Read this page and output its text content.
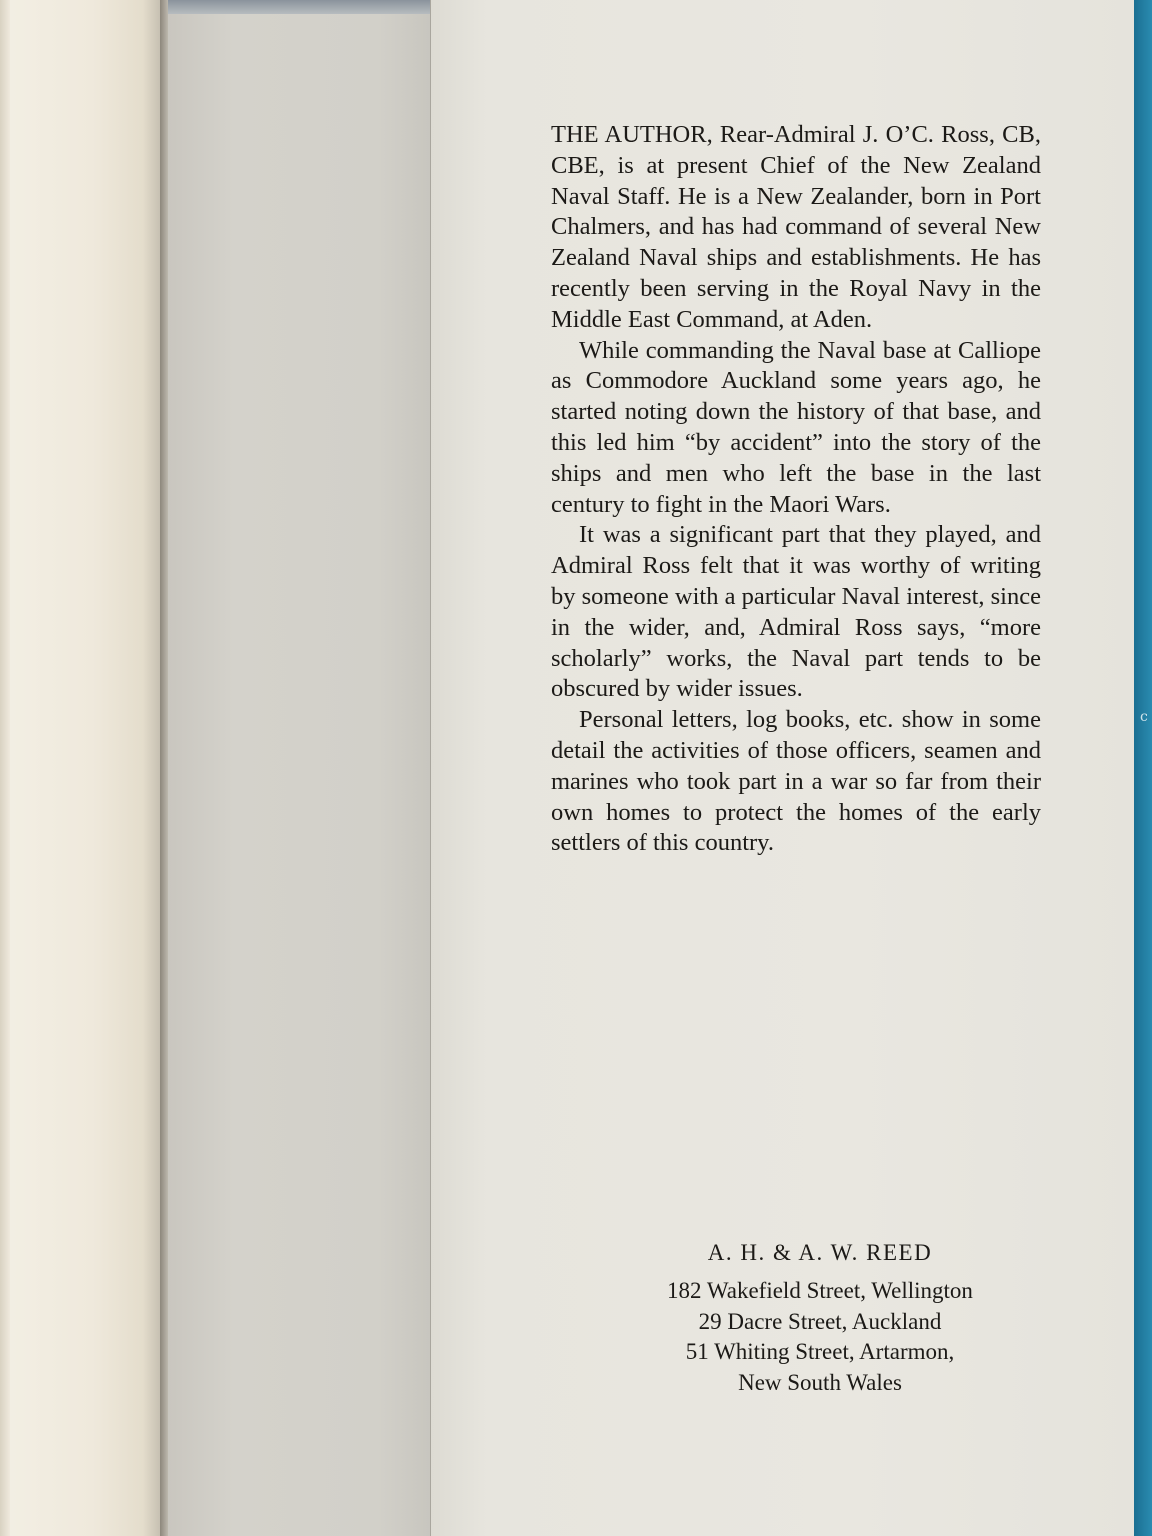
c

THE AUTHOR, Rear-Admiral J. O’C. Ross, CB, CBE, is at present Chief of the New Zealand Naval Staff. He is a New Zealander, born in Port Chalmers, and has had command of several New Zealand Naval ships and establishments. He has recently been serving in the Royal Navy in the Middle East Command, at Aden.

While commanding the Naval base at Calliope as Commodore Auckland some years ago, he started noting down the history of that base, and this led him “by accident” into the story of the ships and men who left the base in the last century to fight in the Maori Wars.

It was a significant part that they played, and Admiral Ross felt that it was worthy of writing by someone with a particular Naval interest, since in the wider, and, Admiral Ross says, “more scholarly” works, the Naval part tends to be obscured by wider issues.

Personal letters, log books, etc. show in some detail the activities of those officers, seamen and marines who took part in a war so far from their own homes to protect the homes of the early settlers of this country.

A. H. & A. W. REED
182 Wakefield Street, Wellington
29 Dacre Street, Auckland
51 Whiting Street, Artarmon,
New South Wales
